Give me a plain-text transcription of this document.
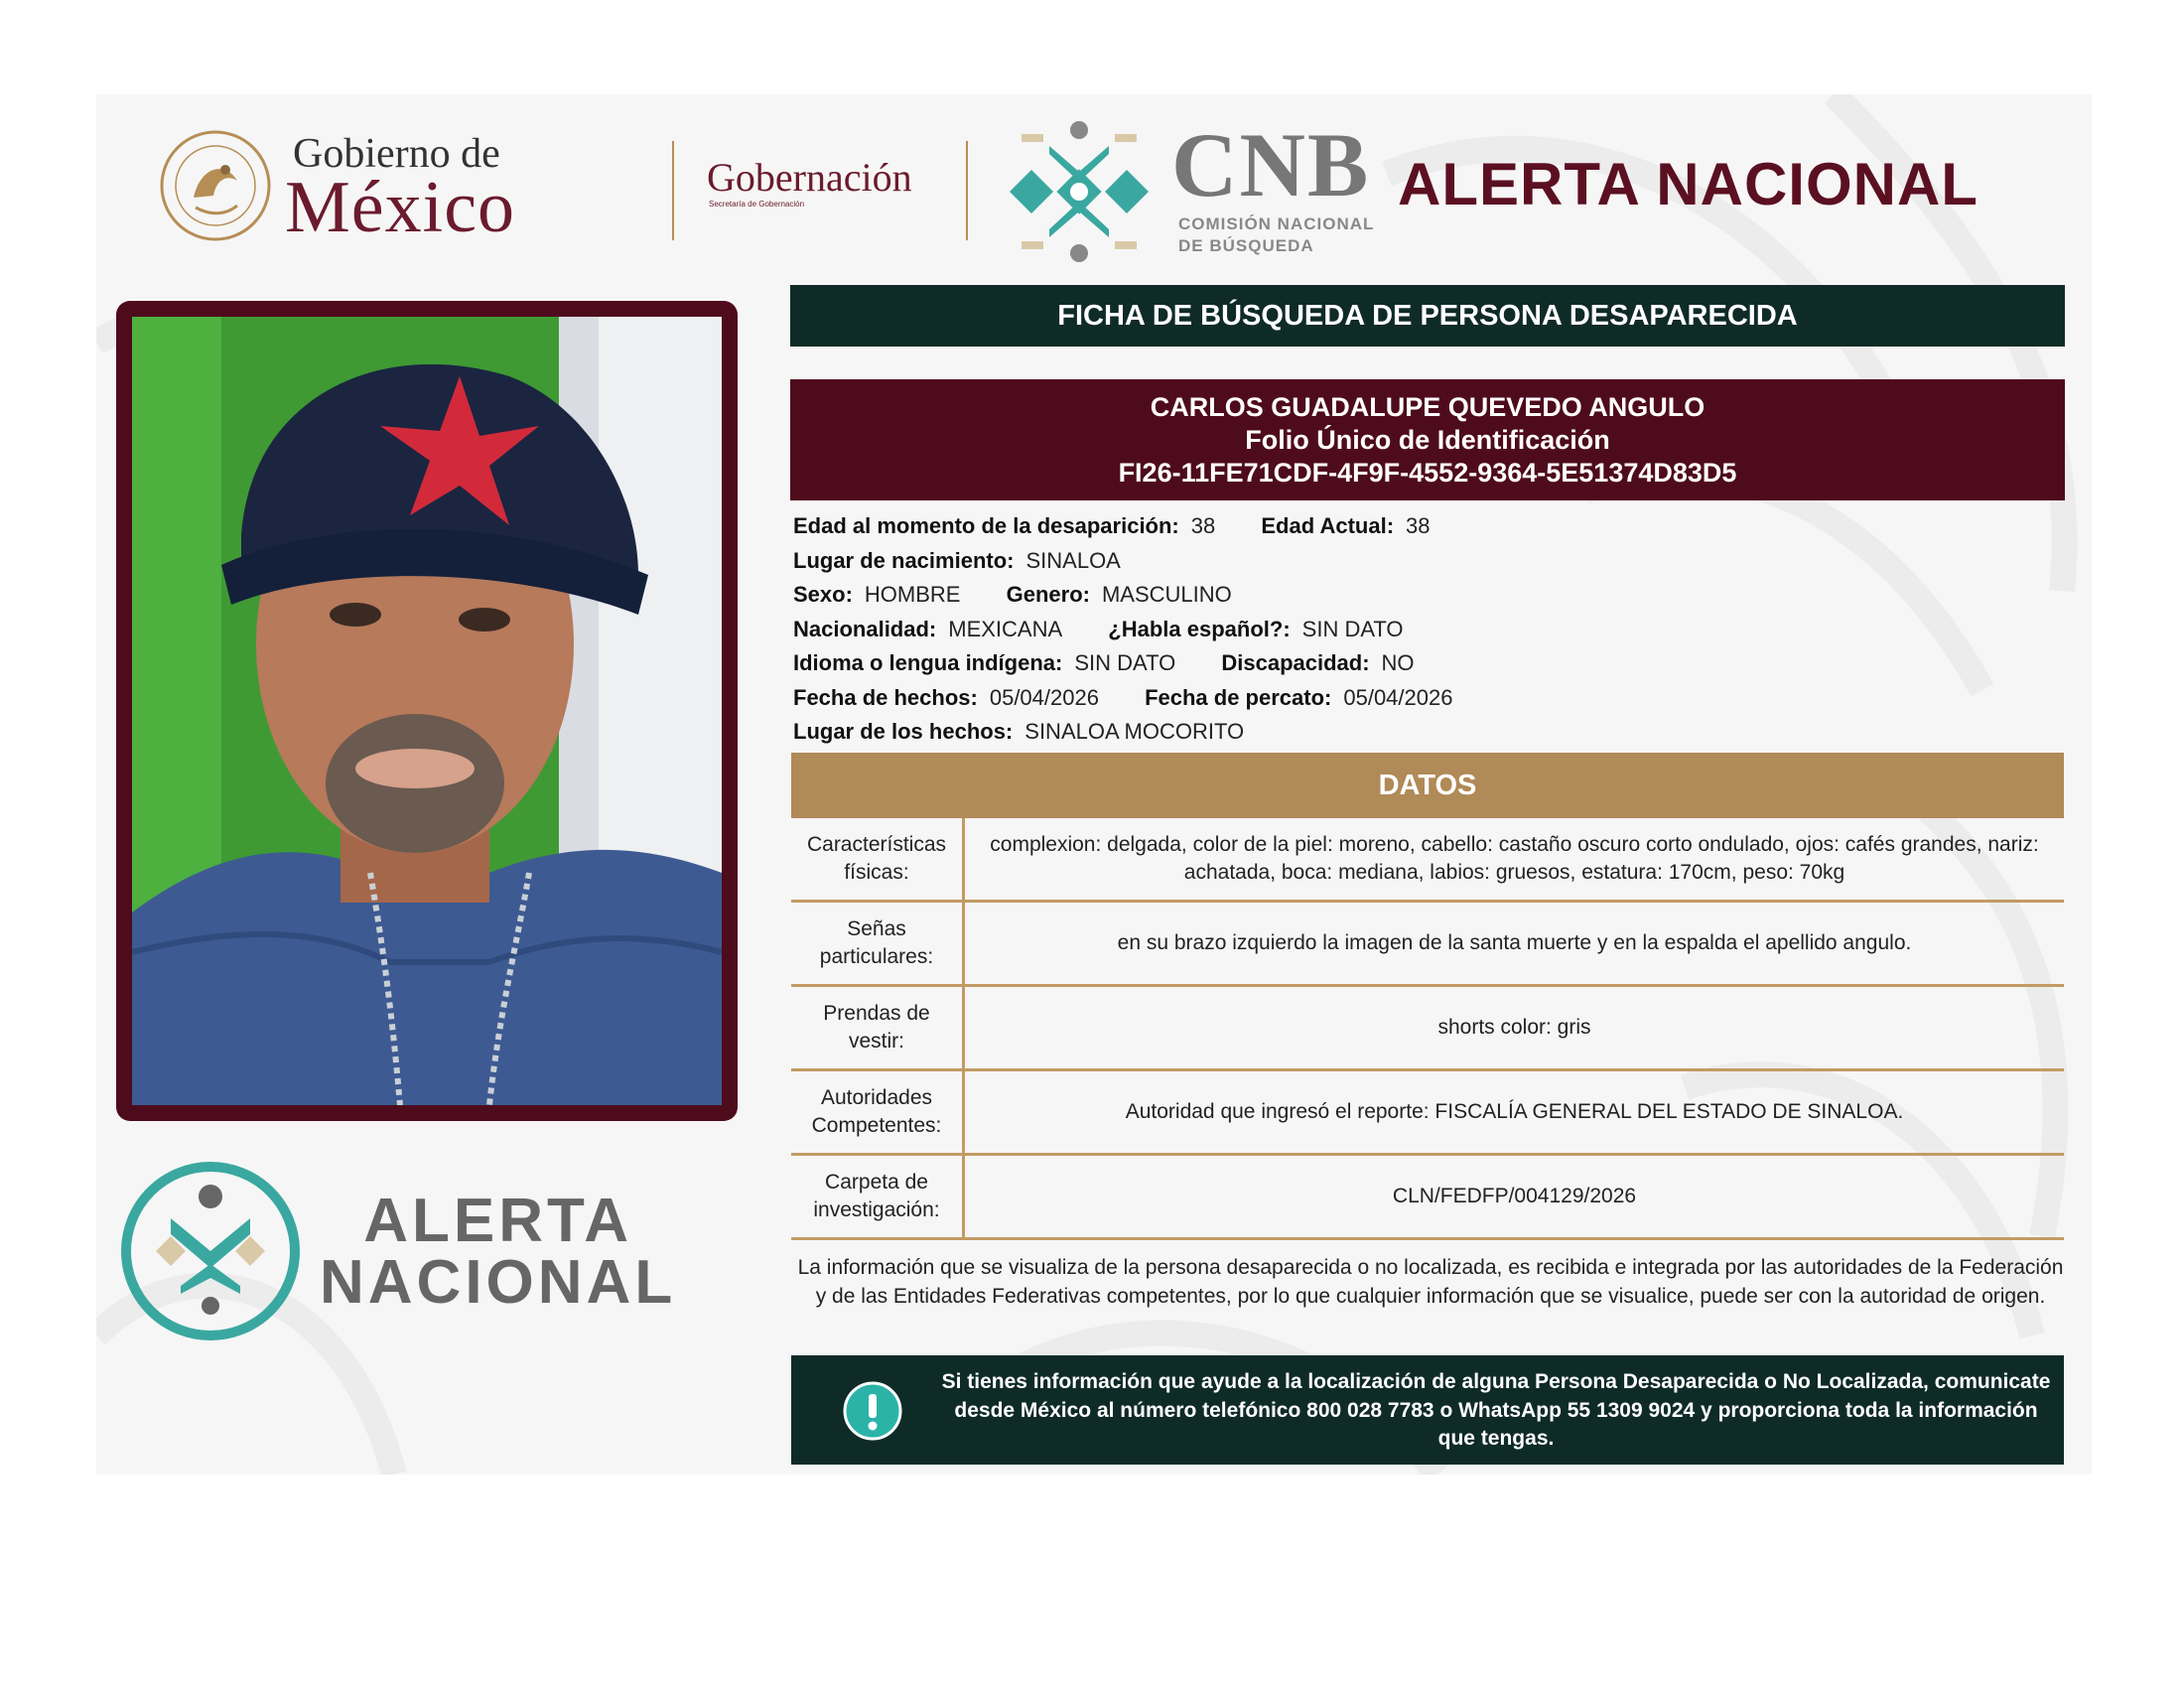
Gobierno de
México	Gobernación
Secretaría de Gobernación	CNB
COMISIÓN NACIONAL
DE BÚSQUEDA
ALERTA NACIONAL
ALERTA
NACIONAL
FICHA DE BÚSQUEDA DE PERSONA DESAPARECIDA
CARLOS GUADALUPE QUEVEDO ANGULO
Folio Único de Identificación
FI26-11FE71CDF-4F9F-4552-9364-5E51374D83D5
Edad al momento de la desaparición: 38 Edad Actual: 38
Lugar de nacimiento: SINALOA
Sexo: HOMBRE Genero: MASCULINO
Nacionalidad: MEXICANA ¿Habla español?: SIN DATO
Idioma o lengua indígena: SIN DATO Discapacidad: NO
Fecha de hechos: 05/04/2026 Fecha de percato: 05/04/2026
Lugar de los hechos: SINALOA MOCORITO
DATOS
Características físicas:	complexion: delgada, color de la piel: moreno, cabello: castaño oscuro corto ondulado, ojos: cafés grandes, nariz: achatada, boca: mediana, labios: gruesos, estatura: 170cm, peso: 70kg
Señas particulares:	en su brazo izquierdo la imagen de la santa muerte y en la espalda el apellido angulo.
Prendas de vestir:	shorts color: gris
Autoridades Competentes:	Autoridad que ingresó el reporte: FISCALÍA GENERAL DEL ESTADO DE SINALOA.
Carpeta de investigación:	CLN/FEDFP/004129/2026
La información que se visualiza de la persona desaparecida o no localizada, es recibida e integrada por las autoridades de la Federación y de las Entidades Federativas competentes, por lo que cualquier información que se visualice, puede ser con la autoridad de origen.
Si tienes información que ayude a la localización de alguna Persona Desaparecida o No Localizada, comunicate desde México al número telefónico 800 028 7783 o WhatsApp 55 1309 9024 y proporciona toda la información que tengas.
